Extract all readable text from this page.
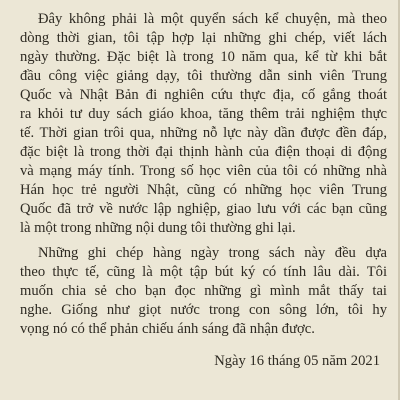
Đây không phải là một quyển sách kể chuyện, mà theo
dòng thời gian, tôi tập hợp lại những ghi chép, viết lách
ngày thường. Đặc biệt là trong 10 năm qua, kể từ khi bắt
đầu công việc giảng dạy, tôi thường dẫn sinh viên Trung
Quốc và Nhật Bản đi nghiên cứu thực địa, cố gắng thoát
ra khỏi tư duy sách giáo khoa, tăng thêm trải nghiệm thực
tế. Thời gian trôi qua, những nỗ lực này dần được đền đáp,
đặc biệt là trong thời đại thịnh hành của điện thoại di động
và mạng máy tính. Trong số học viên của tôi có những nhà
Hán học trẻ người Nhật, cũng có những học viên Trung
Quốc đã trở về nước lập nghiệp, giao lưu với các bạn cũng
là một trong những nội dung tôi thường ghi lại.
Những ghi chép hàng ngày trong sách này đều dựa
theo thực tế, cũng là một tập bút ký có tính lâu dài. Tôi
muốn chia sẻ cho bạn đọc những gì mình mắt thấy tai
nghe. Giống như giọt nước trong con sông lớn, tôi hy
vọng nó có thể phản chiếu ánh sáng đã nhận được.
Ngày 16 tháng 05 năm 2021
